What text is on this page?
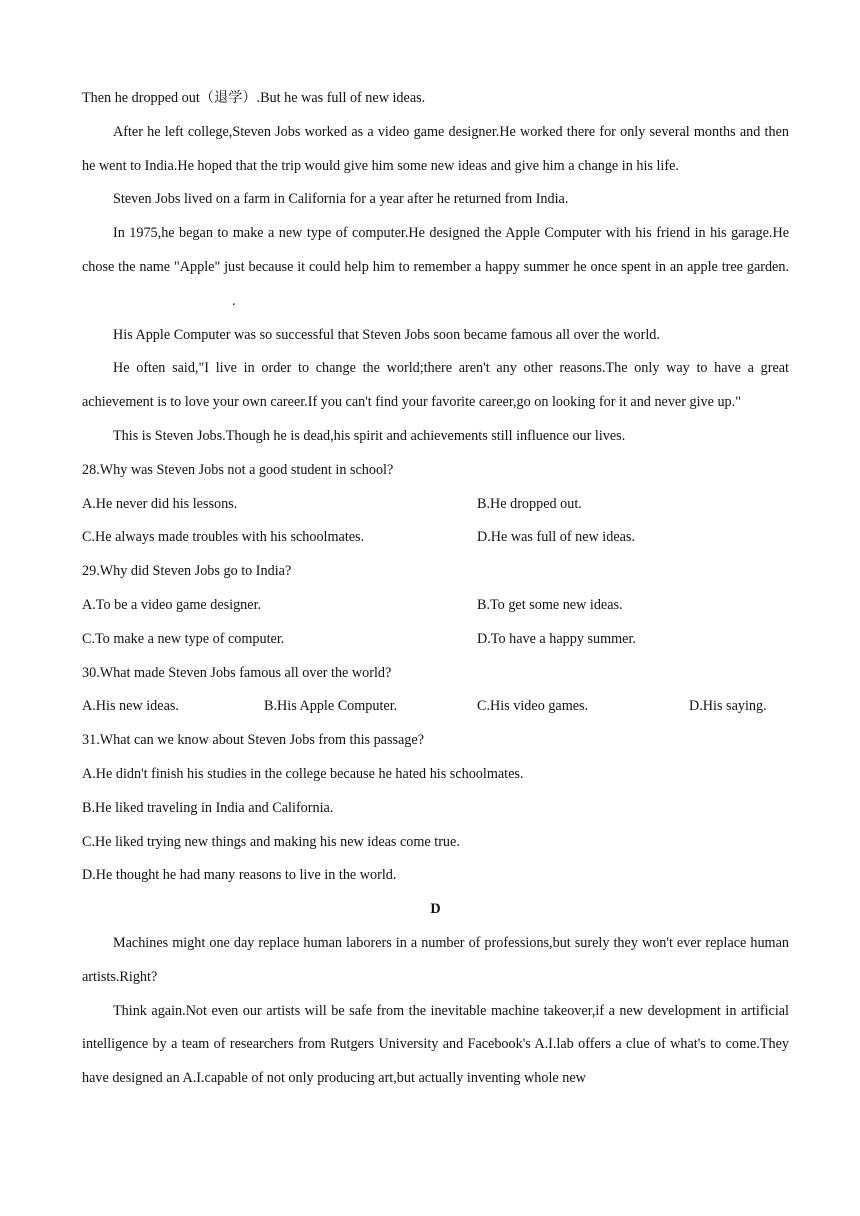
Then he dropped out（退学）.But he was full of new ideas.

After he left college,Steven Jobs worked as a video game designer.He worked there for only several months and then he went to India.He hoped that the trip would give him some new ideas and give him a change in his life.

Steven Jobs lived on a farm in California for a year after he returned from India.

In 1975,he began to make a new type of computer.He designed the Apple Computer with his friend in his garage.He chose the name "Apple" just because it could help him to remember a happy summer he once spent in an apple tree garden..

His Apple Computer was so successful that Steven Jobs soon became famous all over the world.

He often said,"I live in order to change the world;there aren't any other reasons.The only way to have a great achievement is to love your own career.If you can't find your favorite career,go on looking for it and never give up."

This is Steven Jobs.Though he is dead,his spirit and achievements still influence our lives.

28.Why was Steven Jobs not a good student in school?

A.He never did his lessons.	B.He dropped out.
C.He always made troubles with his schoolmates.	D.He was full of new ideas.

29.Why did Steven Jobs go to India?

A.To be a video game designer.	B.To get some new ideas.
C.To make a new type of computer.	D.To have a happy summer.

30.What made Steven Jobs famous all over the world?

A.His new ideas.	B.His Apple Computer.	C.His video games.	D.His saying.

31.What can we know about Steven Jobs from this passage?

A.He didn't finish his studies in the college because he hated his schoolmates.

B.He liked traveling in India and California.

C.He liked trying new things and making his new ideas come true.

D.He thought he had many reasons to live in the world.

D

Machines might one day replace human laborers in a number of professions,but surely they won't ever replace human artists.Right?

Think again.Not even our artists will be safe from the inevitable machine takeover,if a new development in artificial intelligence by a team of researchers from Rutgers University and Facebook's A.I.lab offers a clue of what's to come.They have designed an A.I.capable of not only producing art,but actually inventing whole new
